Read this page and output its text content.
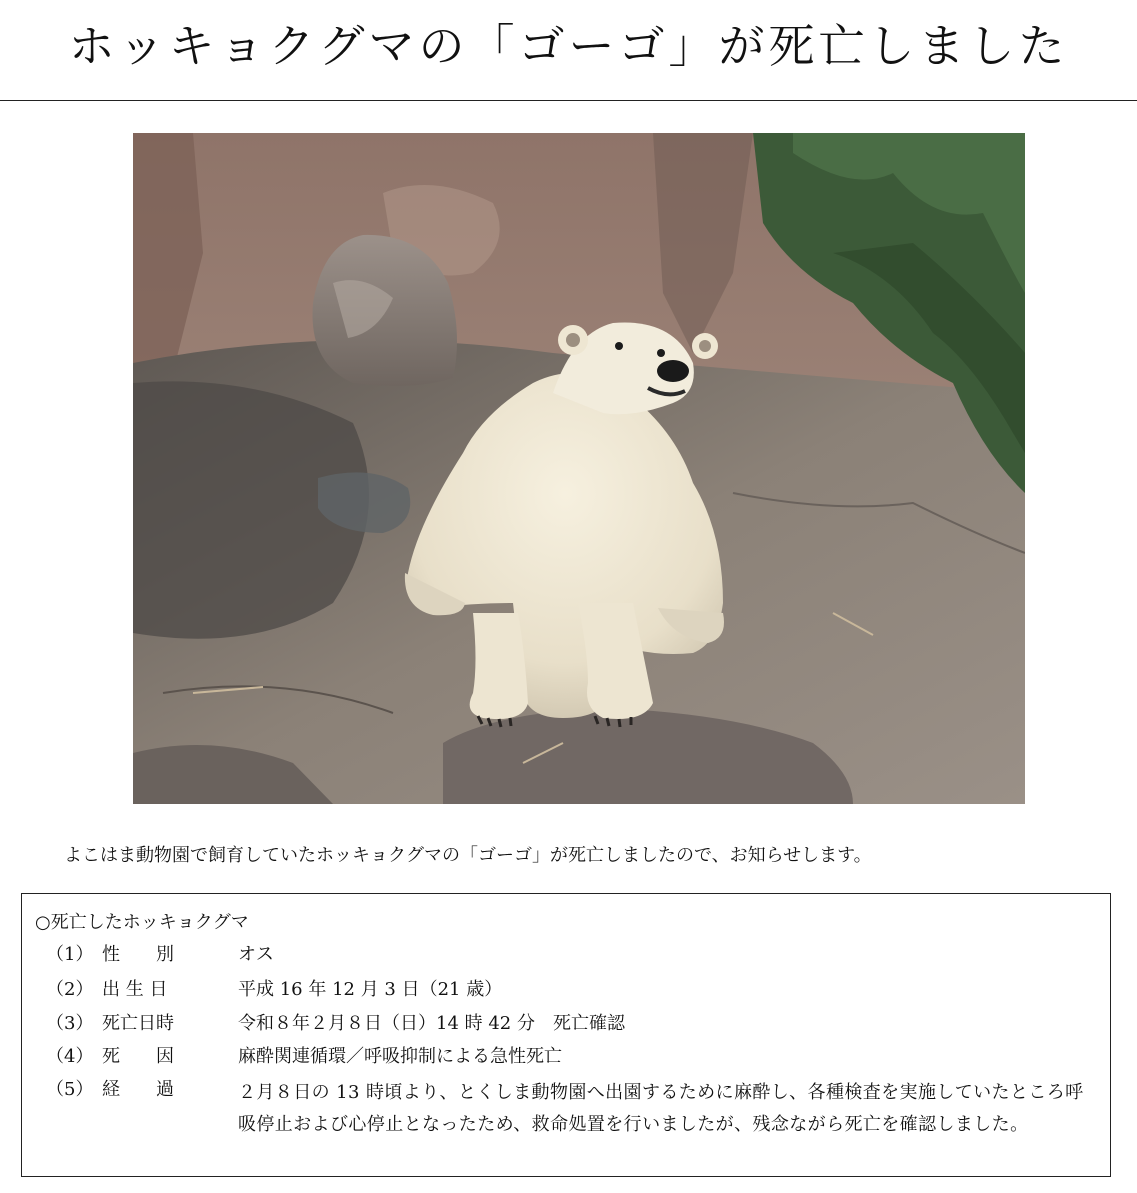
ホッキョクグマの「ゴーゴ」が死亡しました
よこはま動物園で飼育していたホッキョクグマの「ゴーゴ」が死亡しましたので、お知らせします。
○死亡したホッキョクグマ
（1） 性　　別	オス
（2） 出 生 日	平成 16 年 12 月 3 日（21 歳）
（3） 死亡日時	令和８年２月８日（日）14 時 42 分　死亡確認
（4） 死　　因	麻酔関連循環／呼吸抑制による急性死亡
（5） 経　　過	２月８日の 13 時頃より、とくしま動物園へ出園するために麻酔し、各種検査を実施していたところ呼吸停止および心停止となったため、救命処置を行いましたが、残念ながら死亡を確認しました。
